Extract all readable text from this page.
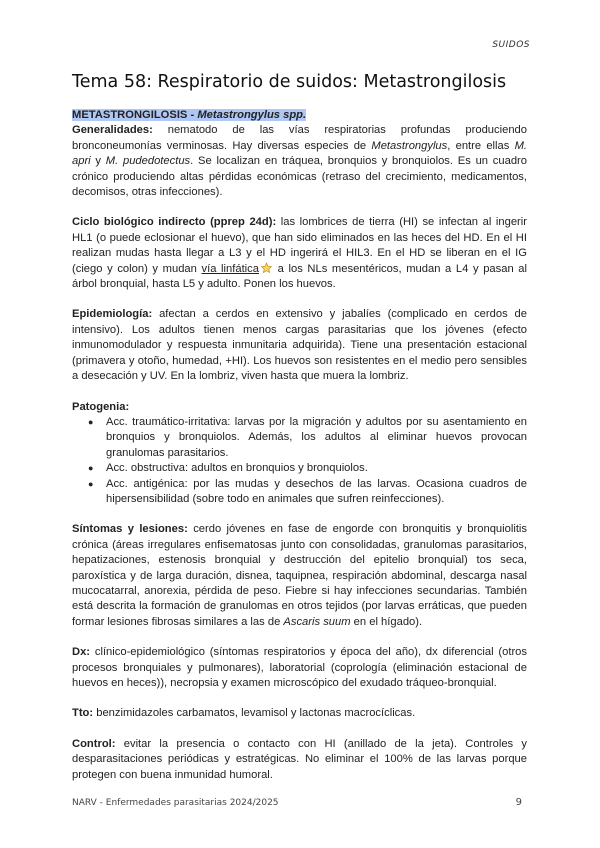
SUIDOS
Tema 58: Respiratorio de suidos: Metastrongilosis

METASTRONGILOSIS - Metastrongylus spp.

Generalidades: nematodo de las vías respiratorias profundas produciendo bronconeumonías verminosas. Hay diversas especies de Metastrongylus, entre ellas M. apri y M. pudedotectus. Se localizan en tráquea, bronquios y bronquiolos. Es un cuadro crónico produciendo altas pérdidas económicas (retraso del crecimiento, medicamentos, decomisos, otras infecciones).

Ciclo biológico indirecto (pprep 24d): las lombrices de tierra (HI) se infectan al ingerir HL1 (o puede eclosionar el huevo), que han sido eliminados en las heces del HD. En el HI realizan mudas hasta llegar a L3 y el HD ingerirá el HIL3. En el HD se liberan en el IG (ciego y colon) y mudan vía linfática a los NLs mesentéricos, mudan a L4 y pasan al árbol bronquial, hasta L5 y adulto. Ponen los huevos.

Epidemiología: afectan a cerdos en extensivo y jabalíes (complicado en cerdos de intensivo). Los adultos tienen menos cargas parasitarias que los jóvenes (efecto inmunomodulador y respuesta inmunitaria adquirida). Tiene una presentación estacional (primavera y otoño, humedad, +HI). Los huevos son resistentes en el medio pero sensibles a desecación y UV. En la lombriz, viven hasta que muera la lombriz.

Patogenia:

● Acc. traumático-irritativa: larvas por la migración y adultos por su asentamiento en bronquios y bronquiolos. Además, los adultos al eliminar huevos provocan granulomas parasitarios.
● Acc. obstructiva: adultos en bronquios y bronquiolos.
● Acc. antigénica: por las mudas y desechos de las larvas. Ocasiona cuadros de hipersensibilidad (sobre todo en animales que sufren reinfecciones).

Síntomas y lesiones: cerdo jóvenes en fase de engorde con bronquitis y bronquiolitis crónica (áreas irregulares enfisematosas junto con consolidadas, granulomas parasitarios, hepatizaciones, estenosis bronquial y destrucción del epitelio bronquial) tos seca, paroxística y de larga duración, disnea, taquipnea, respiración abdominal, descarga nasal mucocatarral, anorexia, pérdida de peso. Fiebre si hay infecciones secundarias. También está descrita la formación de granulomas en otros tejidos (por larvas erráticas, que pueden formar lesiones fibrosas similares a las de Ascaris suum en el hígado).

Dx: clínico-epidemiológico (síntomas respiratorios y época del año), dx diferencial (otros procesos bronquiales y pulmonares), laboratorial (coprología (eliminación estacional de huevos en heces)), necropsia y examen microscópico del exudado tráqueo-bronquial.

Tto: benzimidazoles carbamatos, levamisol y lactonas macrocíclicas.

Control: evitar la presencia o contacto con HI (anillado de la jeta). Controles y desparasitaciones periódicas y estratégicas. No eliminar el 100% de las larvas porque protegen con buena inmunidad humoral.

NARV - Enfermedades parasitarias 2024/2025	9
